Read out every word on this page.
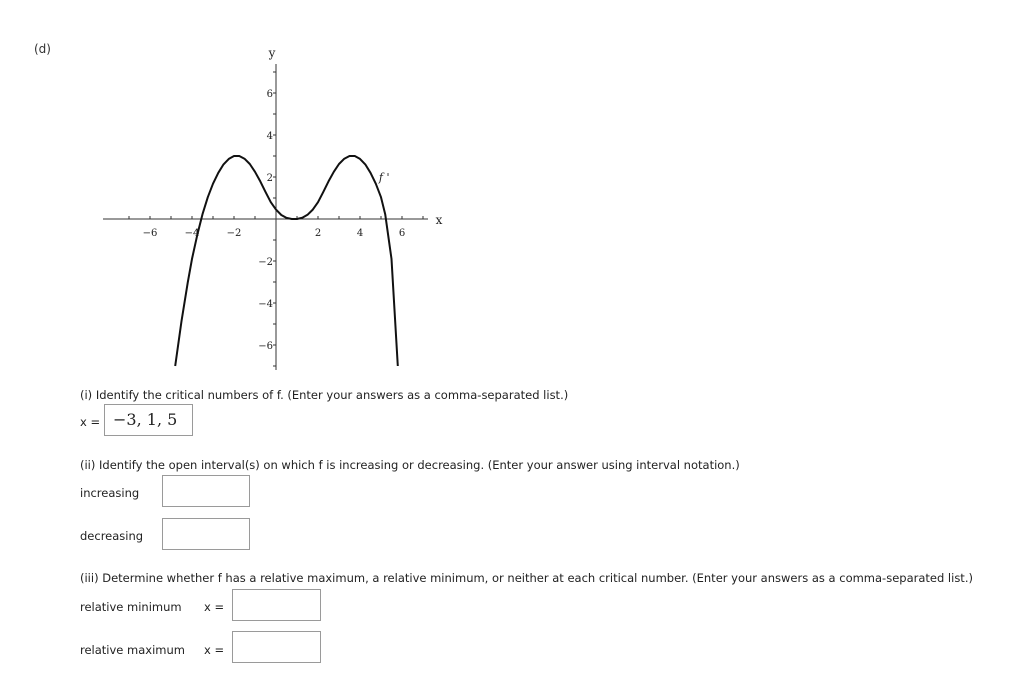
(d)
−6	−4	−2	2	4	6
−6
−4
−2
2
4
6
x
y
f '
(i) Identify the critical numbers of f. (Enter your answers as a comma-separated list.)
x = −3, 1, 5
(ii) Identify the open interval(s) on which f is increasing or decreasing. (Enter your answer using interval notation.)
increasing
decreasing
(iii) Determine whether f has a relative maximum, a relative minimum, or neither at each critical number. (Enter your answers as a comma-separated list.)
relative minimum x =
relative maximum x =
